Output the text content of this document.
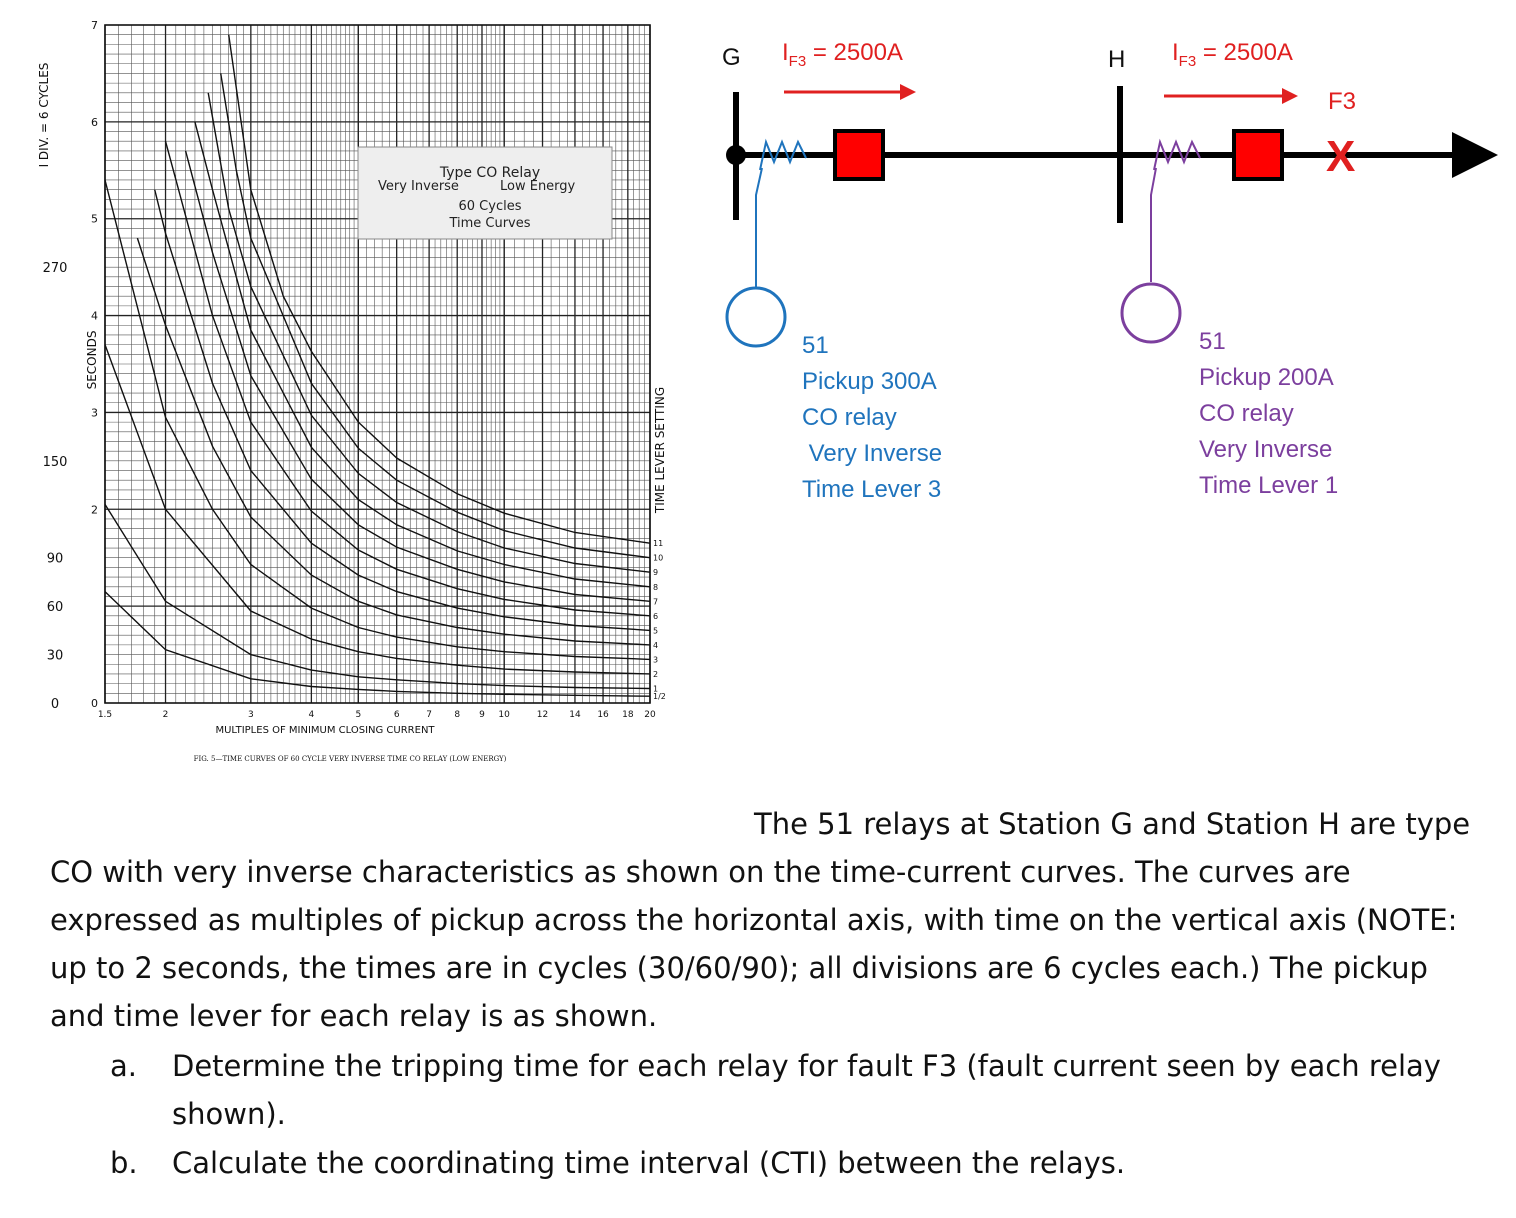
Type CO Relay
Very Inverse	Low Energy
60 Cycles
Time Curves
1.5	2	3	4	5	6	7 8 9 10	12 14 16 18 20
0
2
3
4
5
6
7
0
30
60
90
150
270
1/2
1
2
3
4
5
6
7
8
9
10
11
MULTIPLES OF MINIMUM CLOSING CURRENT
SECONDS
I DIV. = 6 CYCLES
TIME LEVER SETTING
FIG. 5—TIME CURVES OF 60 CYCLE VERY INVERSE TIME CO RELAY (LOW ENERGY)
G $I_{F3} = 2500A$
51
Pickup 300A
CO relay
Very Inverse
Time Lever 3
H $I_{F3} = 2500A$
51
Pickup 200A
CO relay
Very Inverse
Time Lever 1
F3
X

The 51 relays at Station G and Station H are type CO with very inverse characteristics as shown on the time-current curves. The curves are expressed as multiples of pickup across the horizontal axis, with time on the vertical axis (NOTE: up to 2 seconds, the times are in cycles (30/60/90); all divisions are 6 cycles each.) The pickup and time lever for each relay is as shown.

a.	Determine the tripping time for each relay for fault F3 (fault current seen by each relay shown).
b.	Calculate the coordinating time interval (CTI) between the relays.
